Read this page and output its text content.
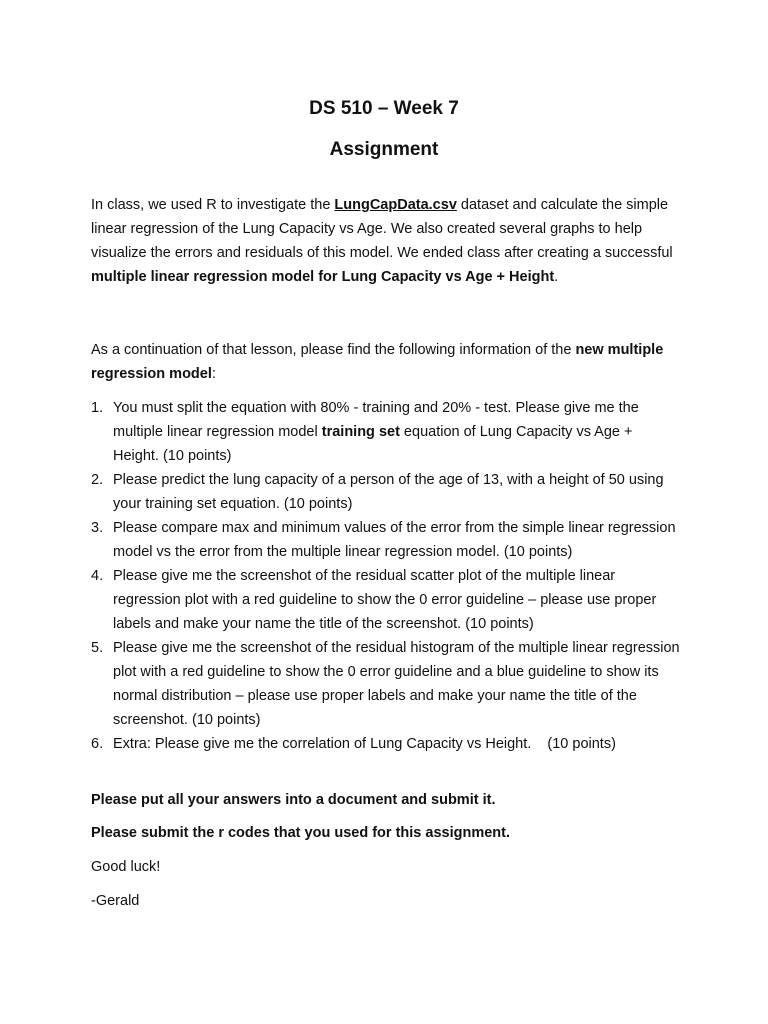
DS 510 – Week 7
Assignment
In class, we used R to investigate the LungCapData.csv dataset and calculate the simple linear regression of the Lung Capacity vs Age. We also created several graphs to help visualize the errors and residuals of this model. We ended class after creating a successful multiple linear regression model for Lung Capacity vs Age + Height.
As a continuation of that lesson, please find the following information of the new multiple regression model:
1. You must split the equation with 80% - training and 20% - test. Please give me the multiple linear regression model training set equation of Lung Capacity vs Age + Height. (10 points)
2. Please predict the lung capacity of a person of the age of 13, with a height of 50 using your training set equation. (10 points)
3. Please compare max and minimum values of the error from the simple linear regression model vs the error from the multiple linear regression model. (10 points)
4. Please give me the screenshot of the residual scatter plot of the multiple linear regression plot with a red guideline to show the 0 error guideline – please use proper labels and make your name the title of the screenshot. (10 points)
5. Please give me the screenshot of the residual histogram of the multiple linear regression plot with a red guideline to show the 0 error guideline and a blue guideline to show its normal distribution – please use proper labels and make your name the title of the screenshot. (10 points)
6. Extra: Please give me the correlation of Lung Capacity vs Height.    (10 points)
Please put all your answers into a document and submit it.
Please submit the r codes that you used for this assignment.
Good luck!
-Gerald
